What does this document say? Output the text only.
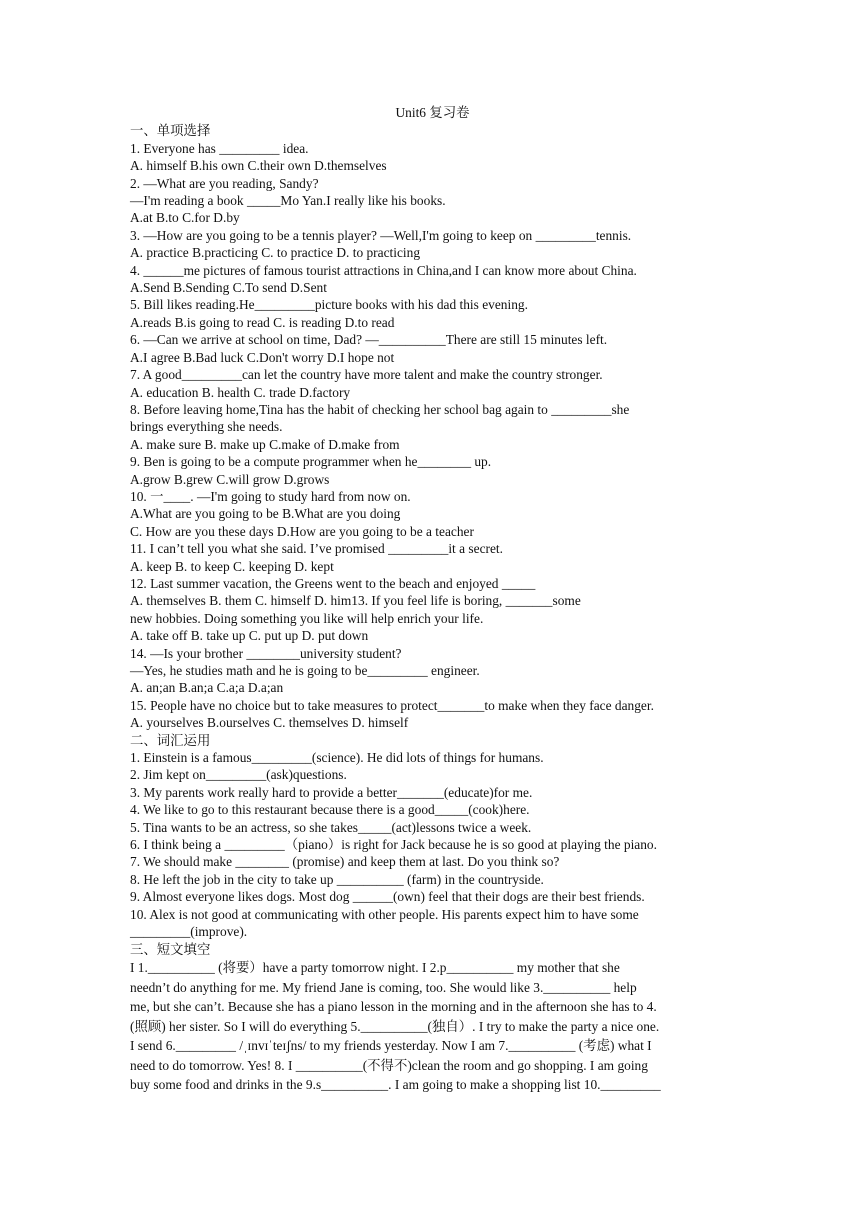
Unit6 复习卷
一、单项选择
1. Everyone has _________ idea.
A. himself B.his own C.their own D.themselves
2. —What are you reading, Sandy?
—I'm reading a book _____Mo Yan.I really like his books.
A.at B.to C.for D.by
3. —How are you going to be a tennis player? —Well,I'm going to keep on _________tennis.
A. practice B.practicing C. to practice D. to practicing
4. ______me pictures of famous tourist attractions in China,and I can know more about China.
A.Send B.Sending C.To send D.Sent
5. Bill likes reading.He_________picture books with his dad this evening.
A.reads B.is going to read C. is reading D.to read
6. —Can we arrive at school on time, Dad? —__________There are still 15 minutes left.
A.I agree B.Bad luck C.Don't worry D.I hope not
7. A good_________can let the country have more talent and make the country stronger.
A. education B. health C. trade D.factory
8. Before leaving home,Tina has the habit of checking her school bag again to _________she
brings everything she needs.
A. make sure B. make up C.make of D.make from
9. Ben is going to be a compute programmer when he________ up.
A.grow B.grew C.will grow D.grows
10. 一____. —I'm going to study hard from now on.
A.What are you going to be B.What are you doing
C. How are you these days D.How are you going to be a teacher
11. I can’t tell you what she said. I’ve promised _________it a secret.
A. keep B. to keep C. keeping D. kept
12. Last summer vacation, the Greens went to the beach and enjoyed _____
A. themselves B. them C. himself D. him13. If you feel life is boring, _______some
new hobbies. Doing something you like will help enrich your life.
A. take off B. take up C. put up D. put down
14. —Is your brother ________university student?
—Yes, he studies math and he is going to be_________ engineer.
A. an;an B.an;a C.a;a D.a;an
15. People have no choice but to take measures to protect_______to make when they face danger.
A. yourselves B.ourselves C. themselves D. himself
二、词汇运用
1. Einstein is a famous_________(science). He did lots of things for humans.
2. Jim kept on_________(ask)questions.
3. My parents work really hard to provide a better_______(educate)for me.
4. We like to go to this restaurant because there is a good_____(cook)here.
5. Tina wants to be an actress, so she takes_____(act)lessons twice a week.
6. I think being a _________（piano）is right for Jack because he is so good at playing the piano.
7. We should make ________ (promise) and keep them at last. Do you think so?
8. He left the job in the city to take up __________ (farm) in the countryside.
9. Almost everyone likes dogs. Most dog ______(own) feel that their dogs are their best friends.
10. Alex is not good at communicating with other people. His parents expect him to have some
_________(improve).
三、短文填空
I 1.__________ (将要）have a party tomorrow night. I 2.p__________ my mother that she
needn’t do anything for me. My friend Jane is coming, too. She would like 3.__________ help
me, but she can’t. Because she has a piano lesson in the morning and in the afternoon she has to 4.
(照顾) her sister. So I will do everything 5.__________(独自）. I try to make the party a nice one.
I send 6._________ /ˌɪnvɪˈteɪʃns/ to my friends yesterday. Now I am 7.__________ (考虑) what I
need to do tomorrow. Yes! 8. I __________(不得不)clean the room and go shopping. I am going
buy some food and drinks in the 9.s__________. I am going to make a shopping list 10._________
